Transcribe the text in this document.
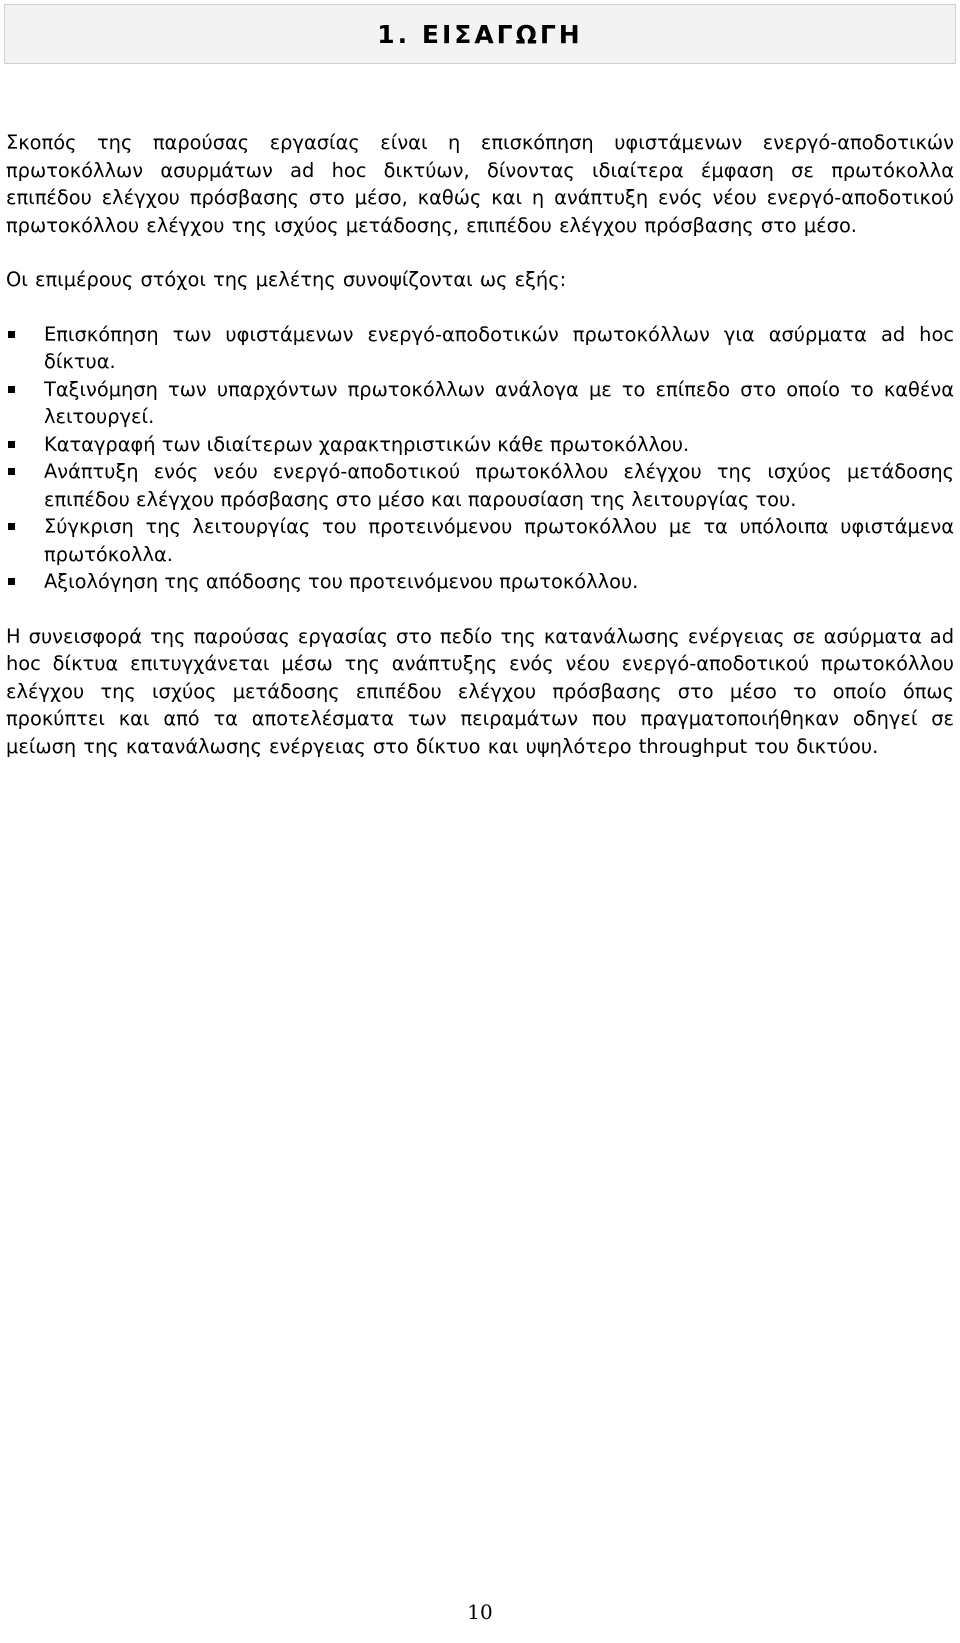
1. ΕΙΣΑΓΩΓΗ

Σκοπός της παρούσας εργασίας είναι η επισκόπηση υφιστάμενων ενεργό-αποδοτικών πρωτοκόλλων ασυρμάτων ad hoc δικτύων, δίνοντας ιδιαίτερα έμφαση σε πρωτόκολλα επιπέδου ελέγχου πρόσβασης στο μέσο, καθώς και η ανάπτυξη ενός νέου ενεργό-αποδοτικού πρωτοκόλλου ελέγχου της ισχύος μετάδοσης, επιπέδου ελέγχου πρόσβασης στο μέσο.

Οι επιμέρους στόχοι της μελέτης συνοψίζονται ως εξής:

Επισκόπηση των υφιστάμενων ενεργό-αποδοτικών πρωτοκόλλων για ασύρματα ad hoc δίκτυα.
Ταξινόμηση των υπαρχόντων πρωτοκόλλων ανάλογα με το επίπεδο στο οποίο το καθένα λειτουργεί.
Καταγραφή των ιδιαίτερων χαρακτηριστικών κάθε πρωτοκόλλου.
Ανάπτυξη ενός νεόυ ενεργό-αποδοτικού πρωτοκόλλου ελέγχου της ισχύος μετάδοσης επιπέδου ελέγχου πρόσβασης στο μέσο και παρουσίαση της λειτουργίας του.
Σύγκριση της λειτουργίας του προτεινόμενου πρωτοκόλλου με τα υπόλοιπα υφιστάμενα πρωτόκολλα.
Αξιολόγηση της απόδοσης του προτεινόμενου πρωτοκόλλου.

Η συνεισφορά της παρούσας εργασίας στο πεδίο της κατανάλωσης ενέργειας σε ασύρματα ad hoc δίκτυα επιτυγχάνεται μέσω της ανάπτυξης ενός νέου ενεργό-αποδοτικού πρωτοκόλλου ελέγχου της ισχύος μετάδοσης επιπέδου ελέγχου πρόσβασης στο μέσο το οποίο όπως προκύπτει και από τα αποτελέσματα των πειραμάτων που πραγματοποιήθηκαν οδηγεί σε μείωση της κατανάλωσης ενέργειας στο δίκτυο και υψηλότερο throughput του δικτύου.

10
